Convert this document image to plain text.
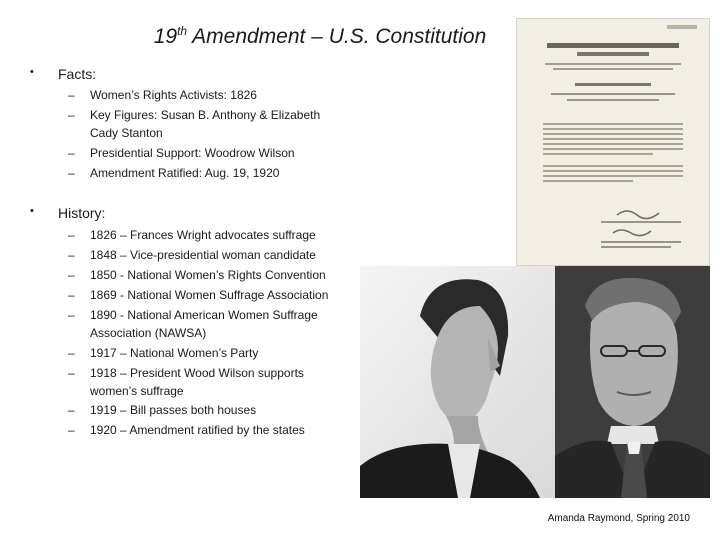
19th Amendment – U.S. Constitution
• Facts:
– Women’s Rights Activists: 1826
– Key Figures: Susan B. Anthony & Elizabeth Cady Stanton
– Presidential Support: Woodrow Wilson
– Amendment Ratified: Aug. 19, 1920
• History:
– 1826 – Frances Wright advocates suffrage
– 1848 – Vice-presidential woman candidate
– 1850 - National Women’s Rights Convention
– 1869 - National Women Suffrage Association
– 1890 - National American Women Suffrage Association (NAWSA)
– 1917 – National Women’s Party
– 1918 – President Wood Wilson supports women’s suffrage
– 1919 – Bill passes both houses
– 1920 – Amendment ratified by the states
Amanda Raymond, Spring 2010
